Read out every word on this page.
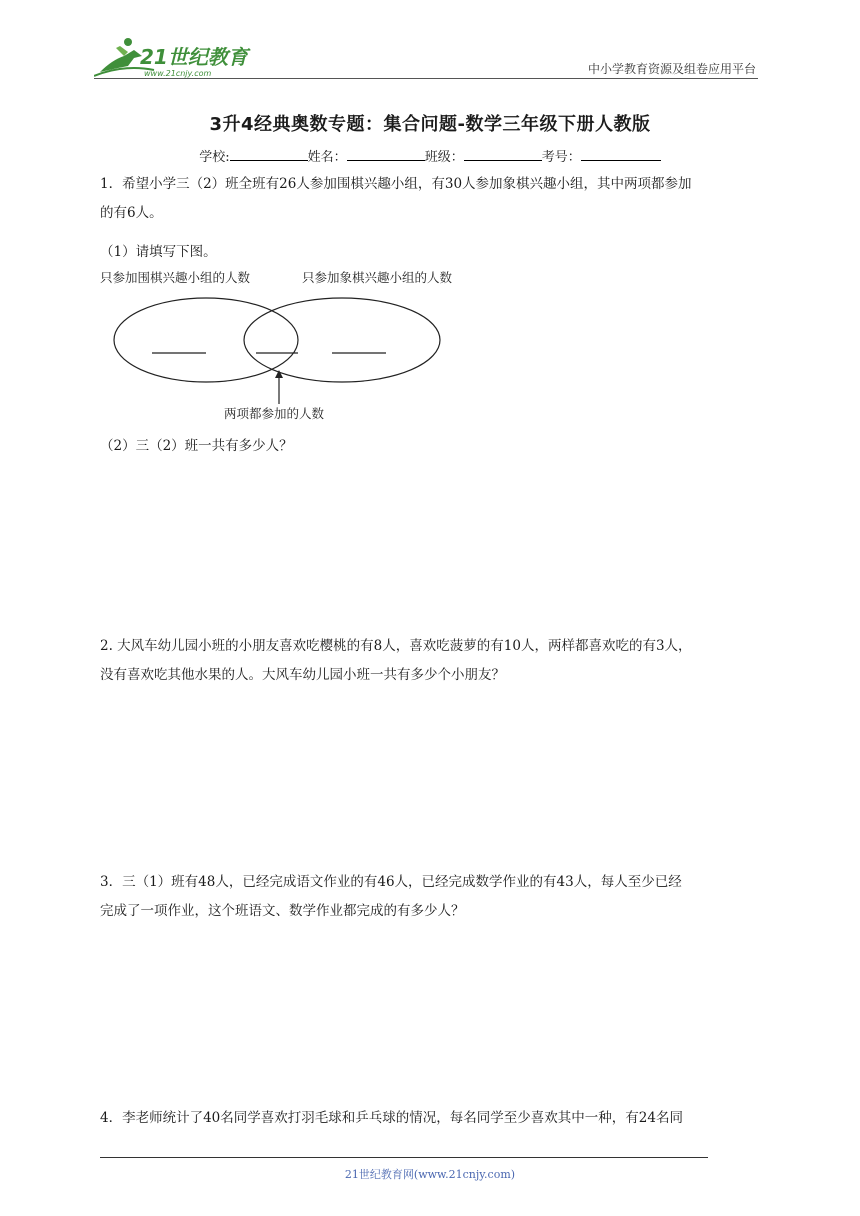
21世纪教育
www.21cnjy.com	中小学教育资源及组卷应用平台
3升4经典奥数专题：集合问题-数学三年级下册人教版
学校:	姓名：	班级：	考号：
1．希望小学三（2）班全班有26人参加围棋兴趣小组，有30人参加象棋兴趣小组，其中两项都参加
的有6人。
（1）请填写下图。
只参加围棋兴趣小组的人数	只参加象棋兴趣小组的人数
两项都参加的人数
（2）三（2）班一共有多少人？
2. 大风车幼儿园小班的小朋友喜欢吃樱桃的有8人，喜欢吃菠萝的有10人，两样都喜欢吃的有3人，
没有喜欢吃其他水果的人。大风车幼儿园小班一共有多少个小朋友？
3．三（1）班有48人，已经完成语文作业的有46人，已经完成数学作业的有43人，每人至少已经
完成了一项作业，这个班语文、数学作业都完成的有多少人？
4．李老师统计了40名同学喜欢打羽毛球和乒乓球的情况，每名同学至少喜欢其中一种，有24名同
21世纪教育网(www.21cnjy.com)
